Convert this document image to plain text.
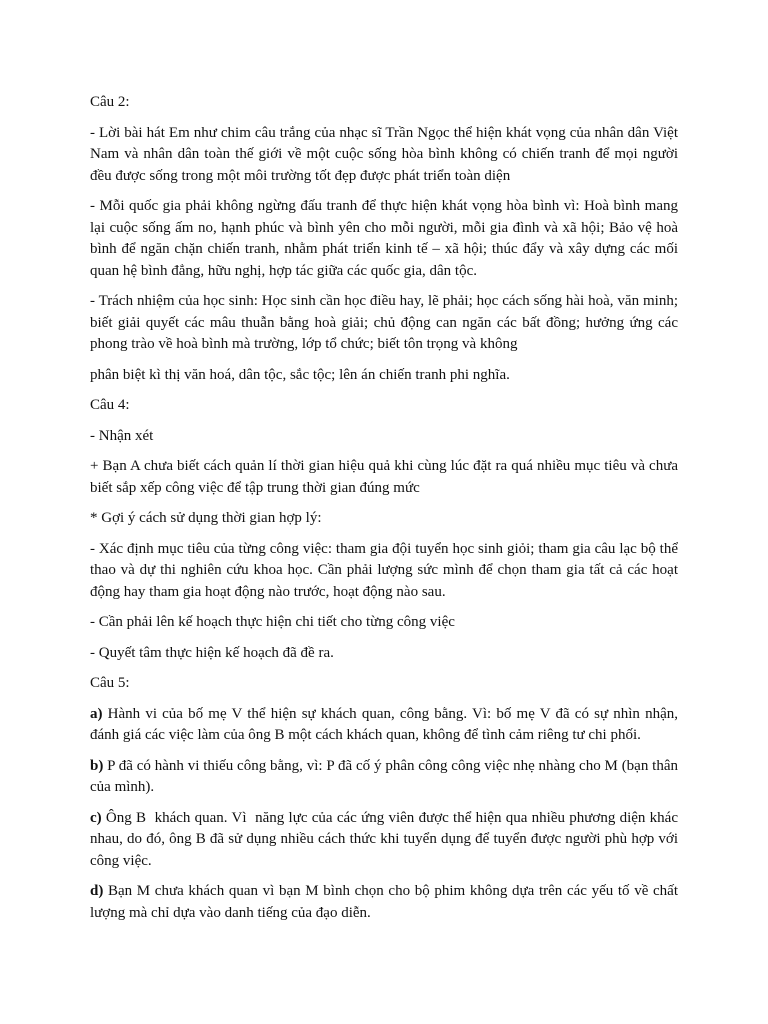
Câu 2:

- Lời bài hát Em như chim câu trắng của nhạc sĩ Trần Ngọc thể hiện khát vọng của nhân dân Việt Nam và nhân dân toàn thế giới về một cuộc sống hòa bình không có chiến tranh để mọi người đều được sống trong một môi trường tốt đẹp được phát triển toàn diện

- Mỗi quốc gia phải không ngừng đấu tranh để thực hiện khát vọng hòa bình vì: Hoà bình mang lại cuộc sống ấm no, hạnh phúc và bình yên cho mỗi người, mỗi gia đình và xã hội; Bảo vệ hoà bình để ngăn chặn chiến tranh, nhằm phát triển kinh tế – xã hội; thúc đẩy và xây dựng các mối quan hệ bình đẳng, hữu nghị, hợp tác giữa các quốc gia, dân tộc.

- Trách nhiệm của học sinh: Học sinh cần học điều hay, lẽ phải; học cách sống hài hoà, văn minh; biết giải quyết các mâu thuẫn bằng hoà giải; chủ động can ngăn các bất đồng; hưởng ứng các phong trào về hoà bình mà trường, lớp tổ chức; biết tôn trọng và không

phân biệt kì thị văn hoá, dân tộc, sắc tộc; lên án chiến tranh phi nghĩa.

Câu 4:

- Nhận xét

+ Bạn A chưa biết cách quản lí thời gian hiệu quả khi cùng lúc đặt ra quá nhiều mục tiêu và chưa biết sắp xếp công việc để tập trung thời gian đúng mức

* Gợi ý cách sử dụng thời gian hợp lý:

- Xác định mục tiêu của từng công việc: tham gia đội tuyển học sinh giỏi; tham gia câu lạc bộ thể thao và dự thi nghiên cứu khoa học. Cần phải lượng sức mình để chọn tham gia tất cả các hoạt động hay tham gia hoạt động nào trước, hoạt động nào sau.

- Cần phải lên kế hoạch thực hiện chi tiết cho từng công việc

- Quyết tâm thực hiện kế hoạch đã đề ra.

Câu 5:

a) Hành vi của bố mẹ V thể hiện sự khách quan, công bằng. Vì: bố mẹ V đã có sự nhìn nhận, đánh giá các việc làm của ông B một cách khách quan, không để tình cảm riêng tư chi phối.

b) P đã có hành vi thiếu công bằng, vì: P đã cố ý phân công công việc nhẹ nhàng cho M (bạn thân của mình).

c) Ông B  khách quan. Vì  năng lực của các ứng viên được thể hiện qua nhiều phương diện khác nhau, do đó, ông B đã sử dụng nhiều cách thức khi tuyển dụng để tuyển được người phù hợp với công việc.

d) Bạn M chưa khách quan vì bạn M bình chọn cho bộ phim không dựa trên các yếu tố về chất lượng mà chỉ dựa vào danh tiếng của đạo diễn.
